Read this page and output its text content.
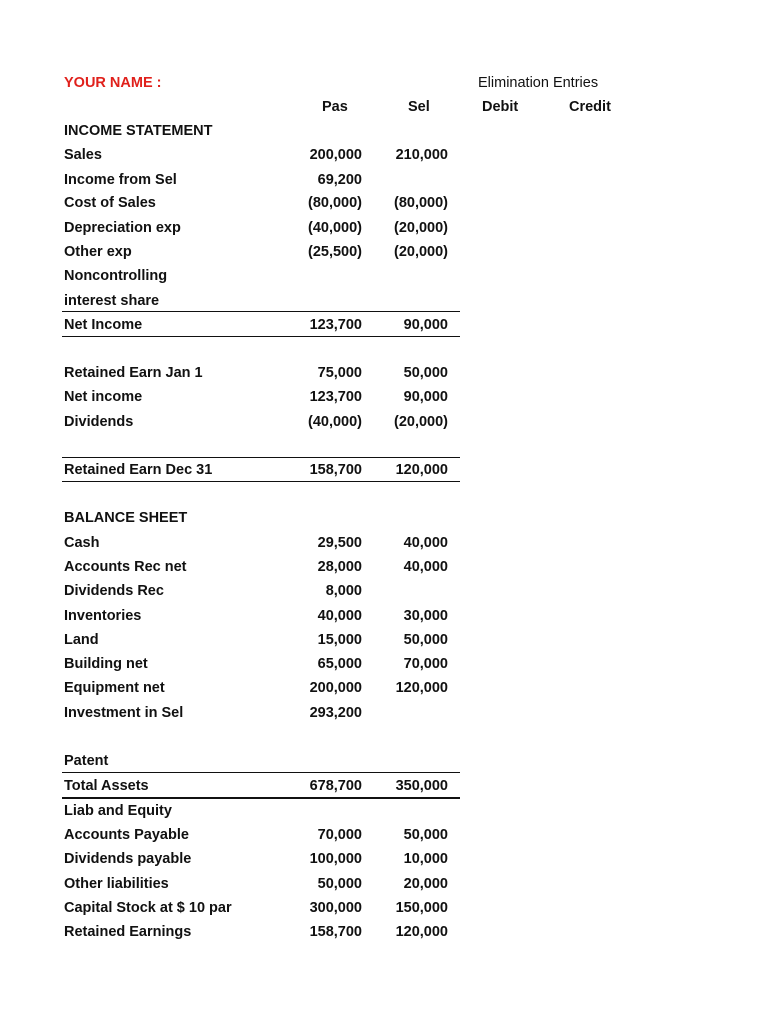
YOUR NAME :	Elimination Entries
Pas	Sel	Debit	Credit
INCOME STATEMENT
Sales	200,000 210,000
Income from Sel	69,200
Cost of Sales	(80,000) (80,000)
Depreciation exp	(40,000) (20,000)
Other exp	(25,500) (20,000)
Noncontrolling
interest share
Net Income	123,700	90,000
Retained Earn Jan 1	75,000	50,000
Net income	123,700	90,000
Dividends	(40,000) (20,000)
Retained Earn Dec 31	158,700 120,000
BALANCE SHEET
Cash	29,500	40,000
Accounts Rec net	28,000	40,000
Dividends Rec	8,000
Inventories	40,000	30,000
Land	15,000	50,000
Building net	65,000	70,000
Equipment net	200,000 120,000
Investment in Sel	293,200
Patent
Total Assets	678,700 350,000
Liab and Equity
Accounts Payable	70,000	50,000
Dividends payable	100,000	10,000
Other liabilities	50,000	20,000
Capital Stock at $ 10 par	300,000 150,000
Retained Earnings	158,700 120,000
